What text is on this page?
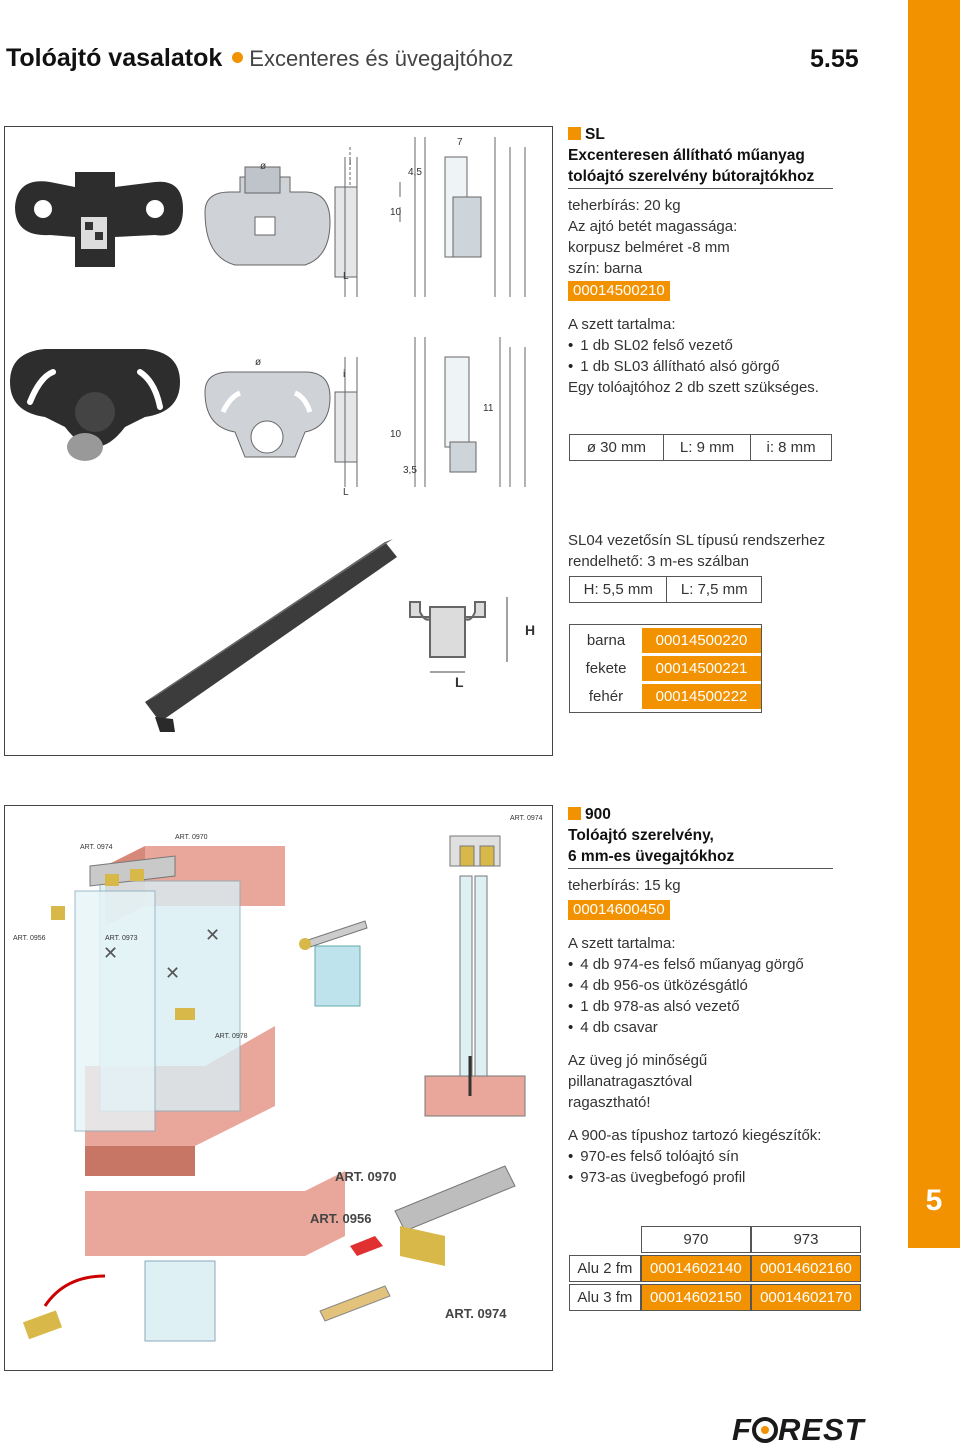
Tolóajtó vasalatok Excenteres és üvegajtóhoz	5.55
5
ø	i
L
4,5
10
7
ø
i
L
11
10
3,5
H
L
SL
Excenteresen állítható műanyag
tolóajtó szerelvény bútorajtókhoz
teherbírás: 20 kg
Az ajtó betét magassága:
korpusz belméret -8 mm
szín: barna
00014500210
A szett tartalma:
• 1 db SL02 felső vezető
• 1 db SL03 állítható alsó görgő
Egy tolóajtóhoz 2 db szett szükséges.
ø 30 mm	L: 9 mm	i: 8 mm
SL04 vezetősín SL típusú rendszerhez
rendelhető: 3 m-es szálban
H: 5,5 mm	L: 7,5 mm
barna	00014500220
fekete	00014500221
fehér	00014500222
✕
✕
✕
ART. 0974
ART. 0970
ART. 0973
ART. 0956
ART. 0978
ART. 0974
ART. 0970
ART. 0956
ART. 0974
900
Tolóajtó szerelvény,
6 mm-es üvegajtókhoz
teherbírás: 15 kg
00014600450
A szett tartalma:
• 4 db 974-es felső műanyag görgő
• 4 db 956-os ütközésgátló
• 1 db 978-as alsó vezető
• 4 db csavar
Az üveg jó minőségű pillanatragasztóval
ragasztható!
A 900-as típushoz tartozó kiegészítők:
• 970-es felső tolóajtó sín
• 973-as üvegbefogó profil
	970	973
Alu 2 fm	00014602140	00014602160
Alu 3 fm	00014602150	00014602170
F REST
